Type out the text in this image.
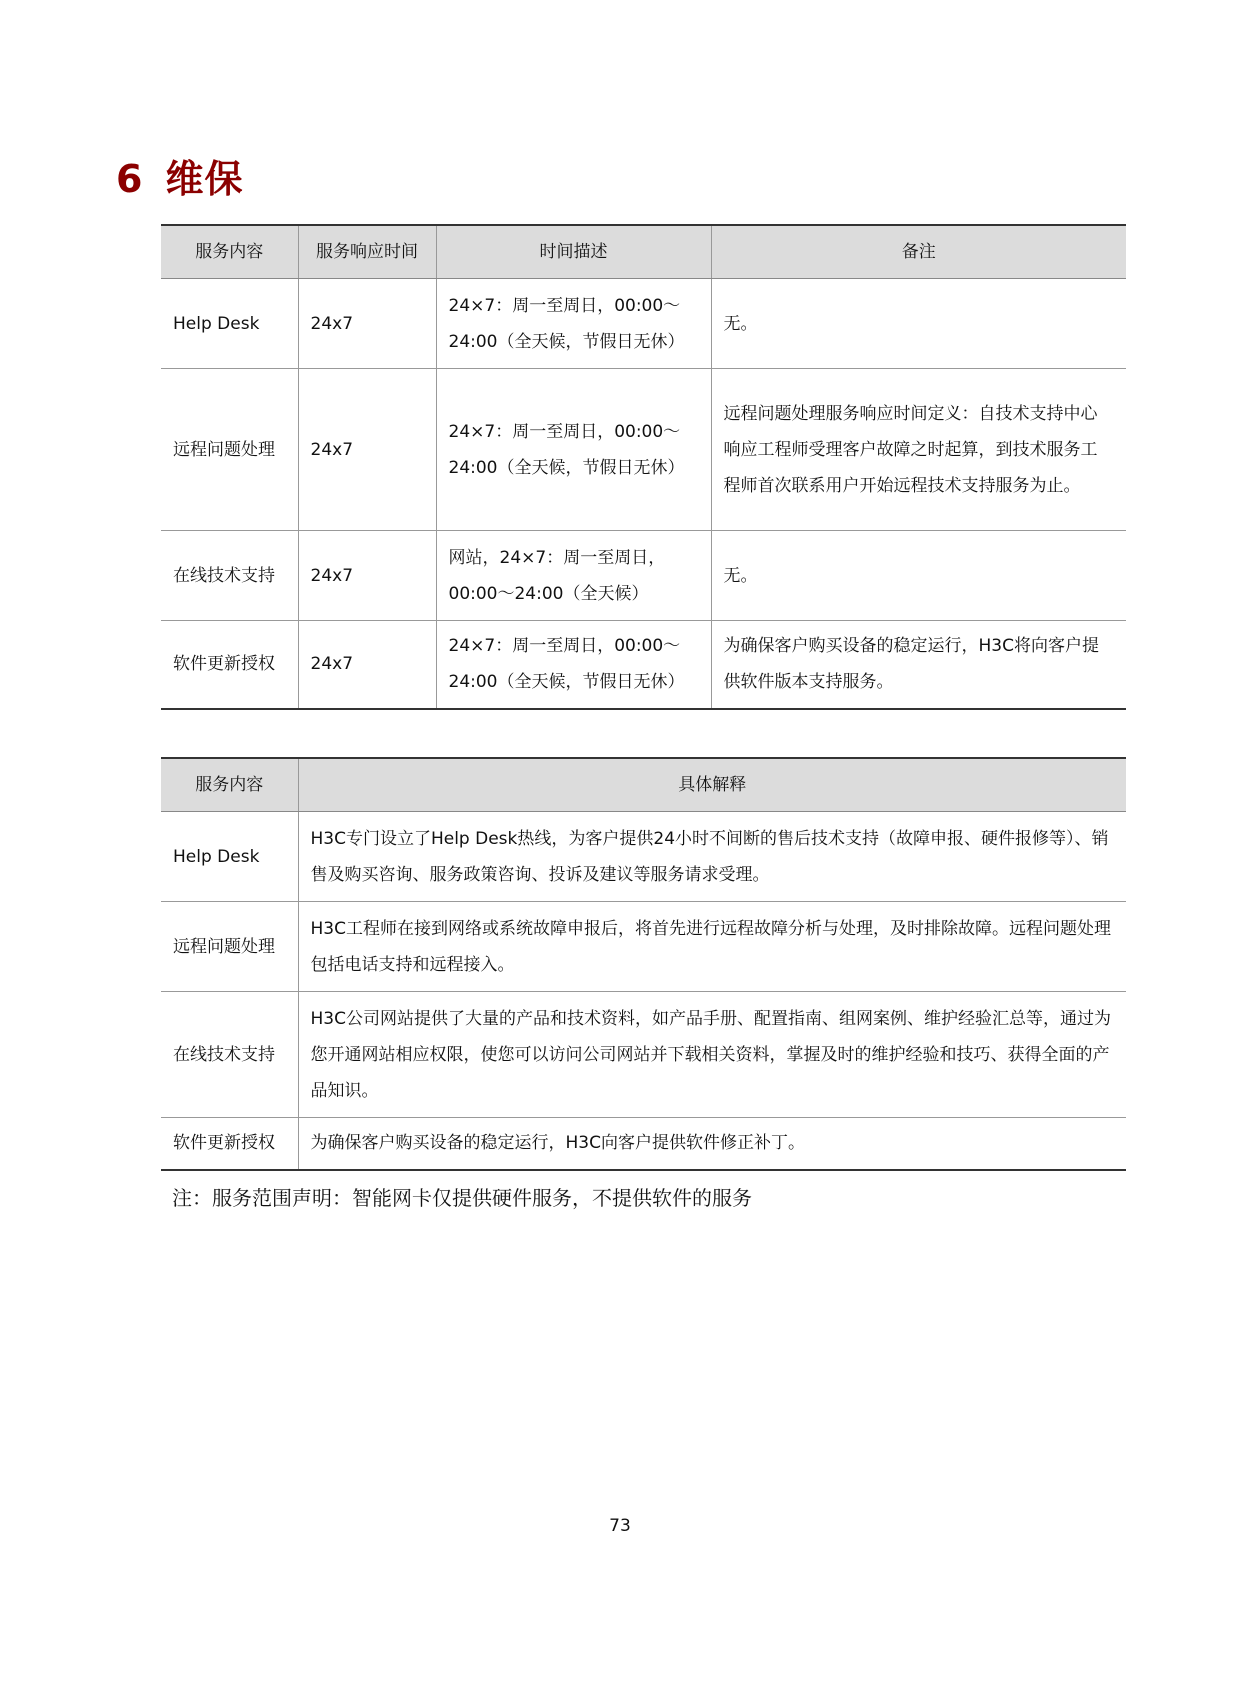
6 维保
服务内容	服务响应时间	时间描述	备注
Help Desk	24x7	24×7：周一至周日，00:00～24:00（全天候，节假日无休）	无。
远程问题处理	24x7	24×7：周一至周日，00:00～24:00（全天候，节假日无休）	远程问题处理服务响应时间定义：自技术支持中心响应工程师受理客户故障之时起算，到技术服务工程师首次联系用户开始远程技术支持服务为止。
在线技术支持	24x7	网站，24×7：周一至周日，00:00～24:00（全天候）	无。
软件更新授权	24x7	24×7：周一至周日，00:00～24:00（全天候，节假日无休）	为确保客户购买设备的稳定运行，H3C将向客户提供软件版本支持服务。
服务内容	具体解释
Help Desk	H3C专门设立了Help Desk热线，为客户提供24小时不间断的售后技术支持（故障申报、硬件报修等）、销售及购买咨询、服务政策咨询、投诉及建议等服务请求受理。
远程问题处理	H3C工程师在接到网络或系统故障申报后，将首先进行远程故障分析与处理，及时排除故障。远程问题处理包括电话支持和远程接入。
在线技术支持	H3C公司网站提供了大量的产品和技术资料，如产品手册、配置指南、组网案例、维护经验汇总等，通过为您开通网站相应权限，使您可以访问公司网站并下载相关资料，掌握及时的维护经验和技巧、获得全面的产品知识。
软件更新授权	为确保客户购买设备的稳定运行，H3C向客户提供软件修正补丁。

注：服务范围声明：智能网卡仅提供硬件服务，不提供软件的服务

73
